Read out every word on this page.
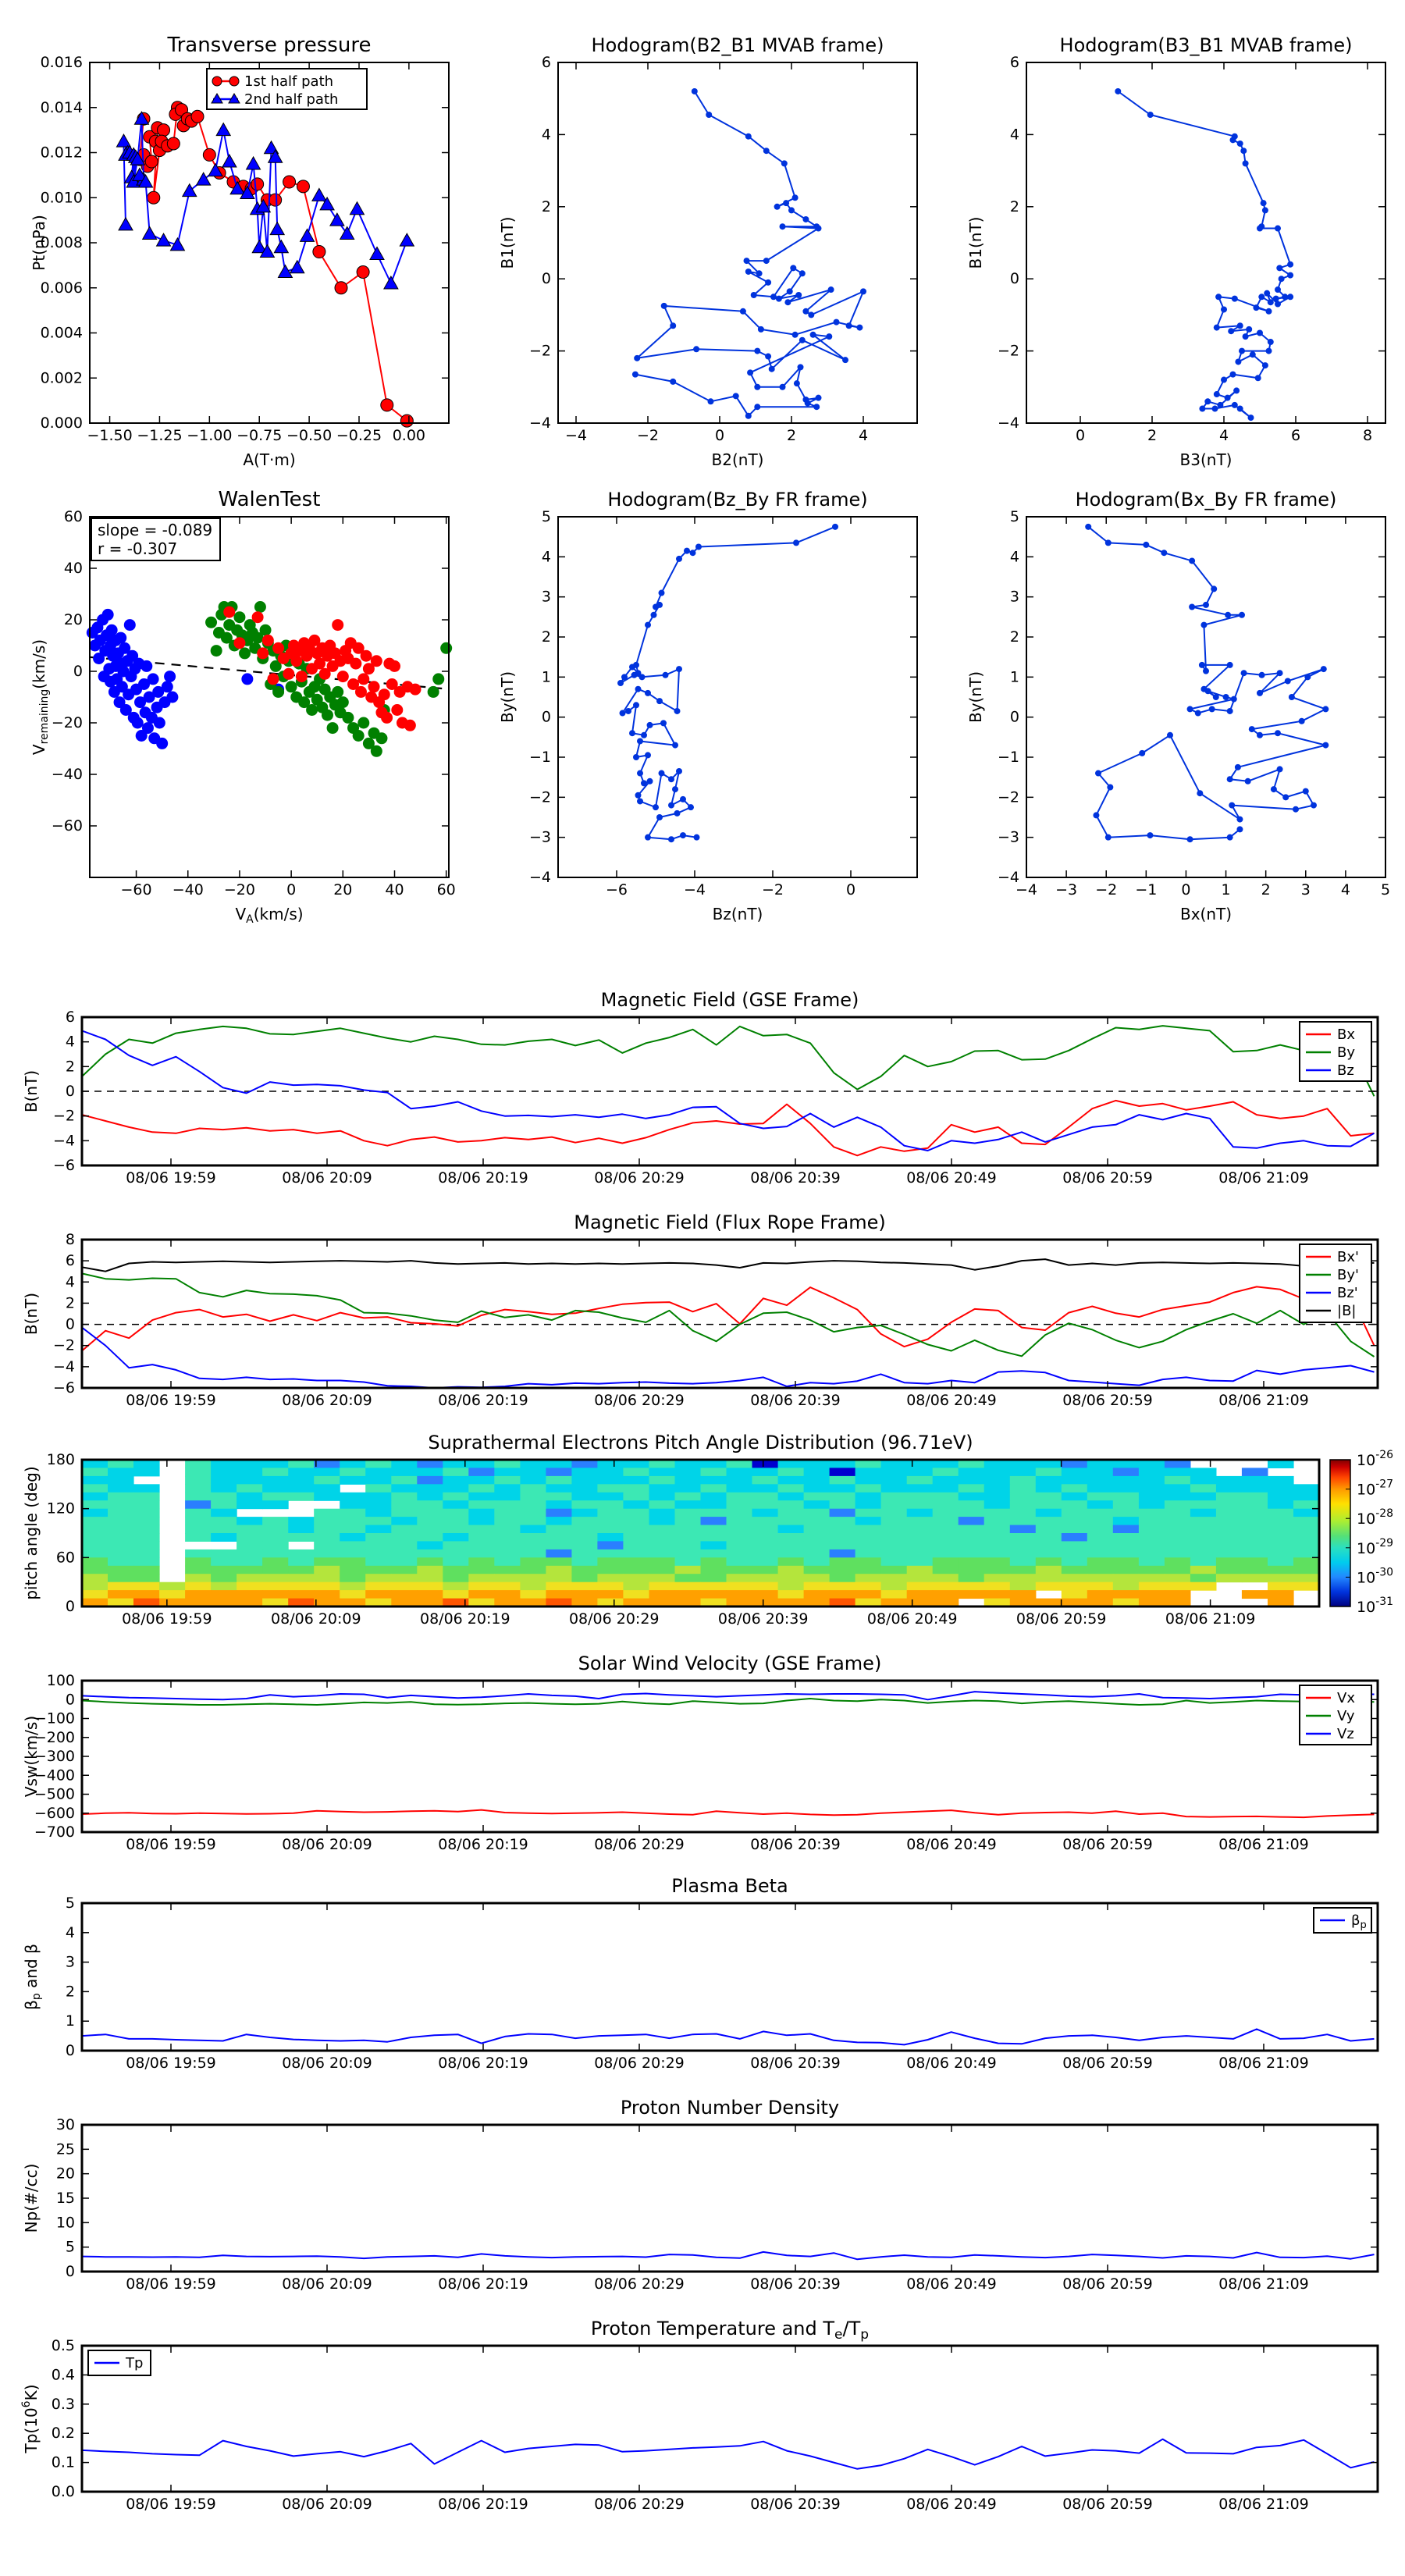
−1.50 −1.25 −1.00 −0.75 −0.50 −0.25 0.00
0.000
0.002
0.004
0.006
0.008
0.010
0.012
0.014
0.016
Transverse pressure
A(T·m)
Pt(nPa)
1st half path
2nd half path
−4	−2	0	2	4
−4
−2
0
2
4
6
Hodogram(B2_B1 MVAB frame)
B2(nT)
B1(nT)
0	2	4	6	8
−4
−2
0
2
4
6
Hodogram(B3_B1 MVAB frame)
B3(nT)
B1(nT)
−60 −40 −20 0	20 40 60
−60
−40
−20
0
20
40
60
WalenTest
$V_A(km/s)$
$V_{remaining}(km/s)$
slope = -0.089
r = -0.307
−6	−4	−2	0
−4
−3
−2
−1
0
1
2
3
4
5
Hodogram(Bz_By FR frame)
Bz(nT)
By(nT)
−4 −3 −2 −1 0 1 2 3 4 5
−4
−3
−2
−1
0
1
2
3
4
5
Hodogram(Bx_By FR frame)
Bx(nT)
By(nT)
08/06 19:59	08/06 20:09	08/06 20:19	08/06 20:29	08/06 20:39	08/06 20:49	08/06 20:59	08/06 21:09
−6
−4
−2
0
2
4
6
Magnetic Field (GSE Frame)
B(nT)
Bx
By
Bz
08/06 19:59	08/06 20:09	08/06 20:19	08/06 20:29	08/06 20:39	08/06 20:49	08/06 20:59	08/06 21:09
−6
−4
−2
0
2
4
6
8
Magnetic Field (Flux Rope Frame)
B(nT)
Bx'
By'
Bz'
|B|
08/06 19:59	08/06 20:09	08/06 20:19	08/06 20:29	08/06 20:39	08/06 20:49	08/06 20:59	08/06 21:09
0
60
120
180
Suprathermal Electrons Pitch Angle Distribution (96.71eV)
pitch angle (deg)
$10^{-26}$
$10^{-27}$
$10^{-28}$
$10^{-29}$
$10^{-30}$
$10^{-31}$
08/06 19:59	08/06 20:09	08/06 20:19	08/06 20:29	08/06 20:39	08/06 20:49	08/06 20:59	08/06 21:09
100
0
−100
−200
−300
−400
−500
−600
−700
Solar Wind Velocity (GSE Frame)
Vsw(km/s)
Vx
Vy
Vz
08/06 19:59	08/06 20:09	08/06 20:19	08/06 20:29	08/06 20:39	08/06 20:49	08/06 20:59	08/06 21:09
0
1
2
3
4
5
Plasma Beta
$\beta_p$ and β
$\beta_p$
08/06 19:59	08/06 20:09	08/06 20:19	08/06 20:29	08/06 20:39	08/06 20:49	08/06 20:59	08/06 21:09
0
5
10
15
20
25
30
Proton Number Density
Np(#/cc)
08/06 19:59	08/06 20:09	08/06 20:19	08/06 20:29	08/06 20:39	08/06 20:49	08/06 20:59	08/06 21:09
0.0
0.1
0.2
0.3
0.4
0.5
Proton Temperature and $T_e/T_p$
$Tp(10^6K)$
Tp
